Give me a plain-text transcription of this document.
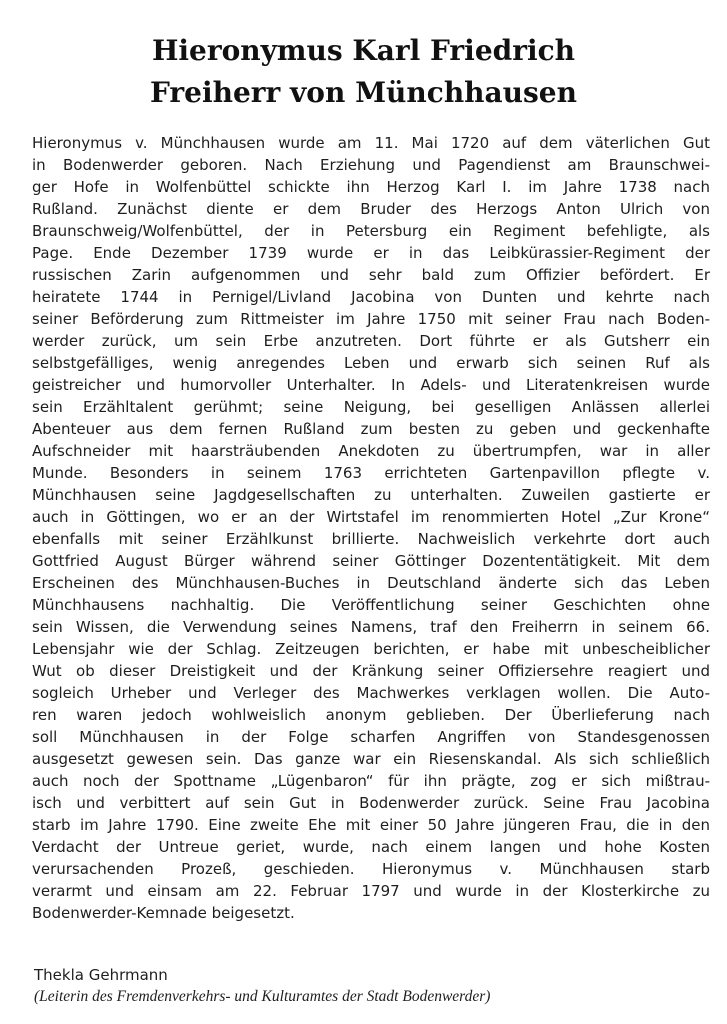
Hieronymus Karl Friedrich
Freiherr von Münchhausen
Hieronymus v. Münchhausen wurde am 11. Mai 1720 auf dem väterlichen Gut
in Bodenwerder geboren. Nach Erziehung und Pagendienst am Braunschwei-
ger Hofe in Wolfenbüttel schickte ihn Herzog Karl I. im Jahre 1738 nach
Rußland. Zunächst diente er dem Bruder des Herzogs Anton Ulrich von
Braunschweig/Wolfenbüttel, der in Petersburg ein Regiment befehligte, als
Page. Ende Dezember 1739 wurde er in das Leibkürassier-Regiment der
russischen Zarin aufgenommen und sehr bald zum Offizier befördert. Er
heiratete 1744 in Pernigel/Livland Jacobina von Dunten und kehrte nach
seiner Beförderung zum Rittmeister im Jahre 1750 mit seiner Frau nach Boden-
werder zurück, um sein Erbe anzutreten. Dort führte er als Gutsherr ein
selbstgefälliges, wenig anregendes Leben und erwarb sich seinen Ruf als
geistreicher und humorvoller Unterhalter. In Adels- und Literatenkreisen wurde
sein Erzähltalent gerühmt; seine Neigung, bei geselligen Anlässen allerlei
Abenteuer aus dem fernen Rußland zum besten zu geben und geckenhafte
Aufschneider mit haarsträubenden Anekdoten zu übertrumpfen, war in aller
Munde. Besonders in seinem 1763 errichteten Gartenpavillon pflegte v.
Münchhausen seine Jagdgesellschaften zu unterhalten. Zuweilen gastierte er
auch in Göttingen, wo er an der Wirtstafel im renommierten Hotel „Zur Krone“
ebenfalls mit seiner Erzählkunst brillierte. Nachweislich verkehrte dort auch
Gottfried August Bürger während seiner Göttinger Dozententätigkeit. Mit dem
Erscheinen des Münchhausen-Buches in Deutschland änderte sich das Leben
Münchhausens nachhaltig. Die Veröffentlichung seiner Geschichten ohne
sein Wissen, die Verwendung seines Namens, traf den Freiherrn in seinem 66.
Lebensjahr wie der Schlag. Zeitzeugen berichten, er habe mit unbescheiblicher
Wut ob dieser Dreistigkeit und der Kränkung seiner Offiziersehre reagiert und
sogleich Urheber und Verleger des Machwerkes verklagen wollen. Die Auto-
ren waren jedoch wohlweislich anonym geblieben. Der Überlieferung nach
soll Münchhausen in der Folge scharfen Angriffen von Standesgenossen
ausgesetzt gewesen sein. Das ganze war ein Riesenskandal. Als sich schließlich
auch noch der Spottname „Lügenbaron“ für ihn prägte, zog er sich mißtrau-
isch und verbittert auf sein Gut in Bodenwerder zurück. Seine Frau Jacobina
starb im Jahre 1790. Eine zweite Ehe mit einer 50 Jahre jüngeren Frau, die in den
Verdacht der Untreue geriet, wurde, nach einem langen und hohe Kosten
verursachenden Prozeß, geschieden. Hieronymus v. Münchhausen starb
verarmt und einsam am 22. Februar 1797 und wurde in der Klosterkirche zu
Bodenwerder-Kemnade beigesetzt.

Thekla Gehrmann

(Leiterin des Fremdenverkehrs- und Kulturamtes der Stadt Bodenwerder)
